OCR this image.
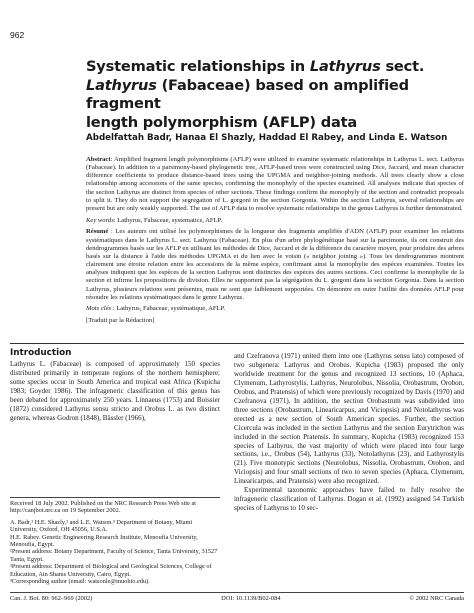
962
Systematic relationships in Lathyrus sect.
Lathyrus (Fabaceae) based on amplified fragment
length polymorphism (AFLP) data
Abdelfattah Badr, Hanaa El Shazly, Haddad El Rabey, and Linda E. Watson

Abstract: Amplified fragment length polymorphisms (AFLP) were utilized to examine systematic relationships in Lathyrus L. sect. Lathyrus (Fabaceae). In addition to a parsimony-based phylogenetic tree, AFLP-based trees were constructed using Dice, Jaccard, and mean character difference coefficients to produce distance-based trees using the UPGMA and neighbor-joining methods. All trees clearly show a close relationship among accessions of the same species, confirming the monophyly of the species examined. All analyses indicate that species of the section Lathyrus are distinct from species of other sections. These findings confirm the monophyly of the section and contradict proposals to split it. They do not support the segregation of L. gorgoni in the section Gorgonia. Within the section Lathyrus, several relationships are present but are only weakly supported. The use of AFLP data to resolve systematic relationships in the genus Lathyrus is further demonstrated.

Key words: Lathyrus, Fabaceae, systematics, AFLP.

Résumé : Les auteurs ont utilisé les polymorphismes de la longueur des fragments amplifiés d'ADN (AFLP) pour examiner les relations systématiques dans le Lathyrus L. sect. Lathyrus (Fabaceae). En plus d'un arbre phylogénétique basé sur la parcimonie, ils ont construit des dendrogrammes basés sur les AFLP en utilisant les méthodes de Dice, Jaccard et de la différence du caractère moyen, pour produire des arbres basés sur la distance à l'aide des méthodes UPGMA et du lien avec le voisin (« neighbor joining »). Tous les dendrogrammes montrent clairement une étroite relation entre les accessions de la même espèce, confirmant ainsi la monophylie des espèces examinées. Toutes les analyses indiquent que les espèces de la section Lathyrus sont distinctes des espèces des autres sections. Ceci confirme la monophylie de la section et infirme les propositions de division. Elles ne supportent pas la ségrégation du L. gorgoni dans la section Gorgonia. Dans la section Lathyrus, plusieurs relations sont présentes, mais ne sont que faiblement supportées. On démontre en outre l'utilité des données AFLP pour résoudre les relations systématiques dans le genre Lathyrus.

Mots clés : Lathyrus, Fabaceae, systématique, AFLP.

[Traduit par la Rédaction]

Introduction

Lathyrus L. (Fabaceae) is composed of approximately 150 species distributed primarily in temperate regions of the northern hemisphere; some species occur in South America and tropical east Africa (Kupicha 1983; Goyder 1986). The infrageneric classification of this genus has been debated for approximately 250 years. Linnaeus (1753) and Boissier (1872) considered Lathyrus sensu stricto and Orobus L. as two distinct genera, whereas Godron (1848), Bässler (1966),

Received 18 July 2002. Published on the NRC Research Press Web site at http://canjbot.nrc.ca on 19 September 2002.

A. Badr,¹ H.E. Shazly,² and L.E. Watson.³ Department of Botany, Miami University, Oxford, OH 45056, U.S.A.

H.E. Rabey. Genetic Engineering Research Institute, Menoufia University, Menoufia, Egypt.

¹Present address: Botany Department, Faculty of Science, Tanta University, 31527 Tanta, Egypt.

²Present address: Department of Biological and Geological Sciences, College of Education, Ain Shams University, Cairo, Egypt.

³Corresponding author (email: watsonle@muohio.edu).

and Czefranova (1971) united them into one (Lathyrus sensu lato) composed of two subgenera: Lathyrus and Orobus. Kupicha (1983) proposed the only worldwide treatment for the genus and recognized 13 sections, 10 (Aphaca, Clymenum, Lathyrostylis, Lathyrus, Neurolobus, Nissolia, Orobastrum, Orobon, Orobus, and Pratensis) of which were previously recognized by Davis (1970) and Czefranova (1971). In addition, the section Orobastrum was subdivided into three sections (Orobastrum, Linearicarpus, and Viciopsis) and Notolathyrus was erected as a new section of South American species. Further, the section Cicercula was included in the section Lathyrus and the section Eurytrichon was included in the section Pratensis. In summary, Kupicha (1983) recognized 153 species of Lathyrus, the vast majority of which were placed into four large sections, i.e., Orobus (54), Lathyrus (33), Notolathyrus (23), and Lathyrostylis (21). Five monotypic sections (Neurolobus, Nissolia, Orobastrum, Orobon, and Viciopsis) and four small sections of two to seven species (Aphaca, Clymenum, Linearicarpus, and Pratensis) were also recognized.

Experimental taxonomic approaches have failed to fully resolve the infrageneric classification of Lathyrus. Dogan et al. (1992) assigned 54 Turkish species of Lathyrus to 10 sec-

Can. J. Bot. 80: 962–969 (2002)	DOI: 10.1139/B02-084	© 2002 NRC Canada
